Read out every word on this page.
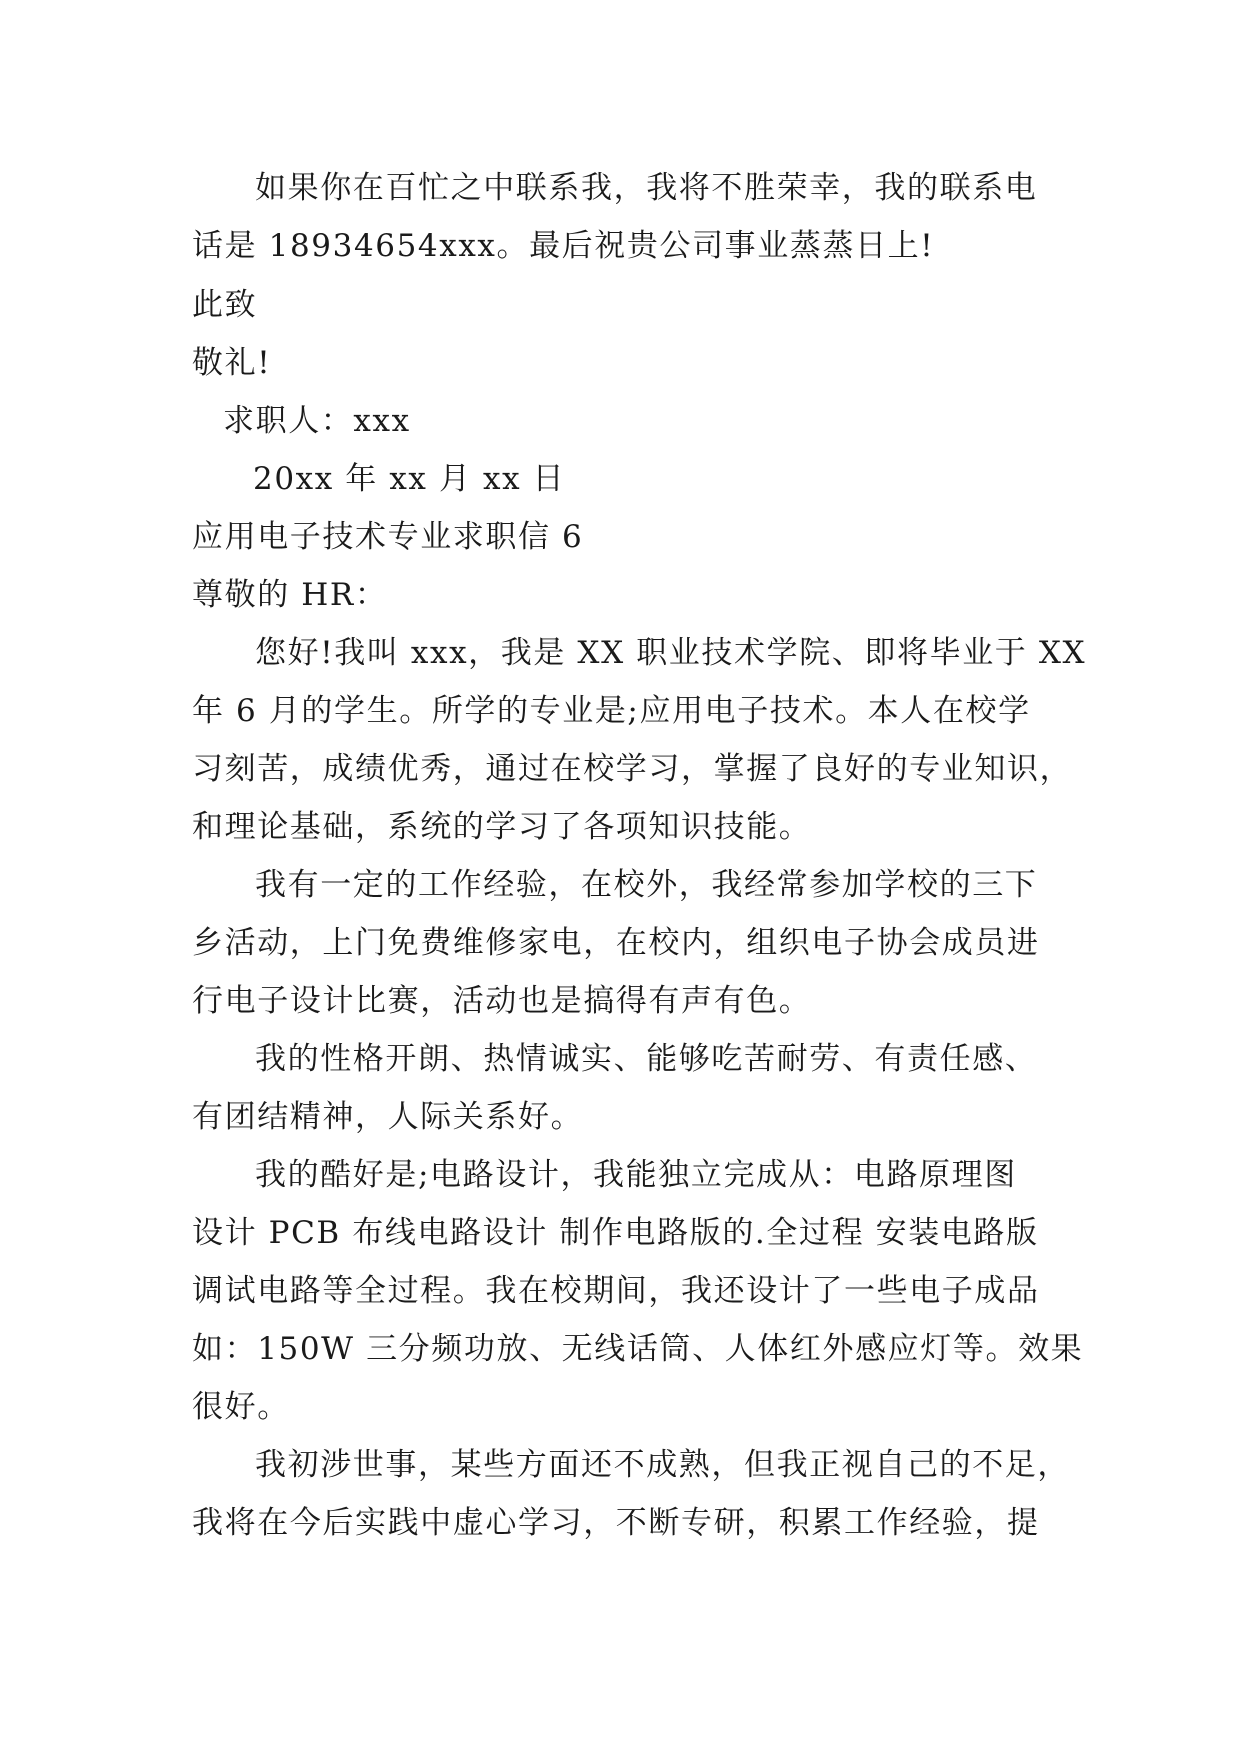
如果你在百忙之中联系我，我将不胜荣幸，我的联系电
话是 18934654xxx。最后祝贵公司事业蒸蒸日上!
此致
敬礼!
求职人：xxx
20xx 年 xx 月 xx 日
应用电子技术专业求职信 6
尊敬的 HR：
您好!我叫 xxx，我是 XX 职业技术学院、即将毕业于 XX
年 6 月的学生。所学的专业是;应用电子技术。本人在校学
习刻苦，成绩优秀，通过在校学习，掌握了良好的专业知识，
和理论基础，系统的学习了各项知识技能。
我有一定的工作经验，在校外，我经常参加学校的三下
乡活动，上门免费维修家电，在校内，组织电子协会成员进
行电子设计比赛，活动也是搞得有声有色。
我的性格开朗、热情诚实、能够吃苦耐劳、有责任感、
有团结精神，人际关系好。
我的酷好是;电路设计，我能独立完成从：电路原理图
设计 PCB 布线电路设计 制作电路版的.全过程 安装电路版
调试电路等全过程。我在校期间，我还设计了一些电子成品
如：150W 三分频功放、无线话筒、人体红外感应灯等。效果
很好。
我初涉世事，某些方面还不成熟，但我正视自己的不足，
我将在今后实践中虚心学习，不断专研，积累工作经验，提
